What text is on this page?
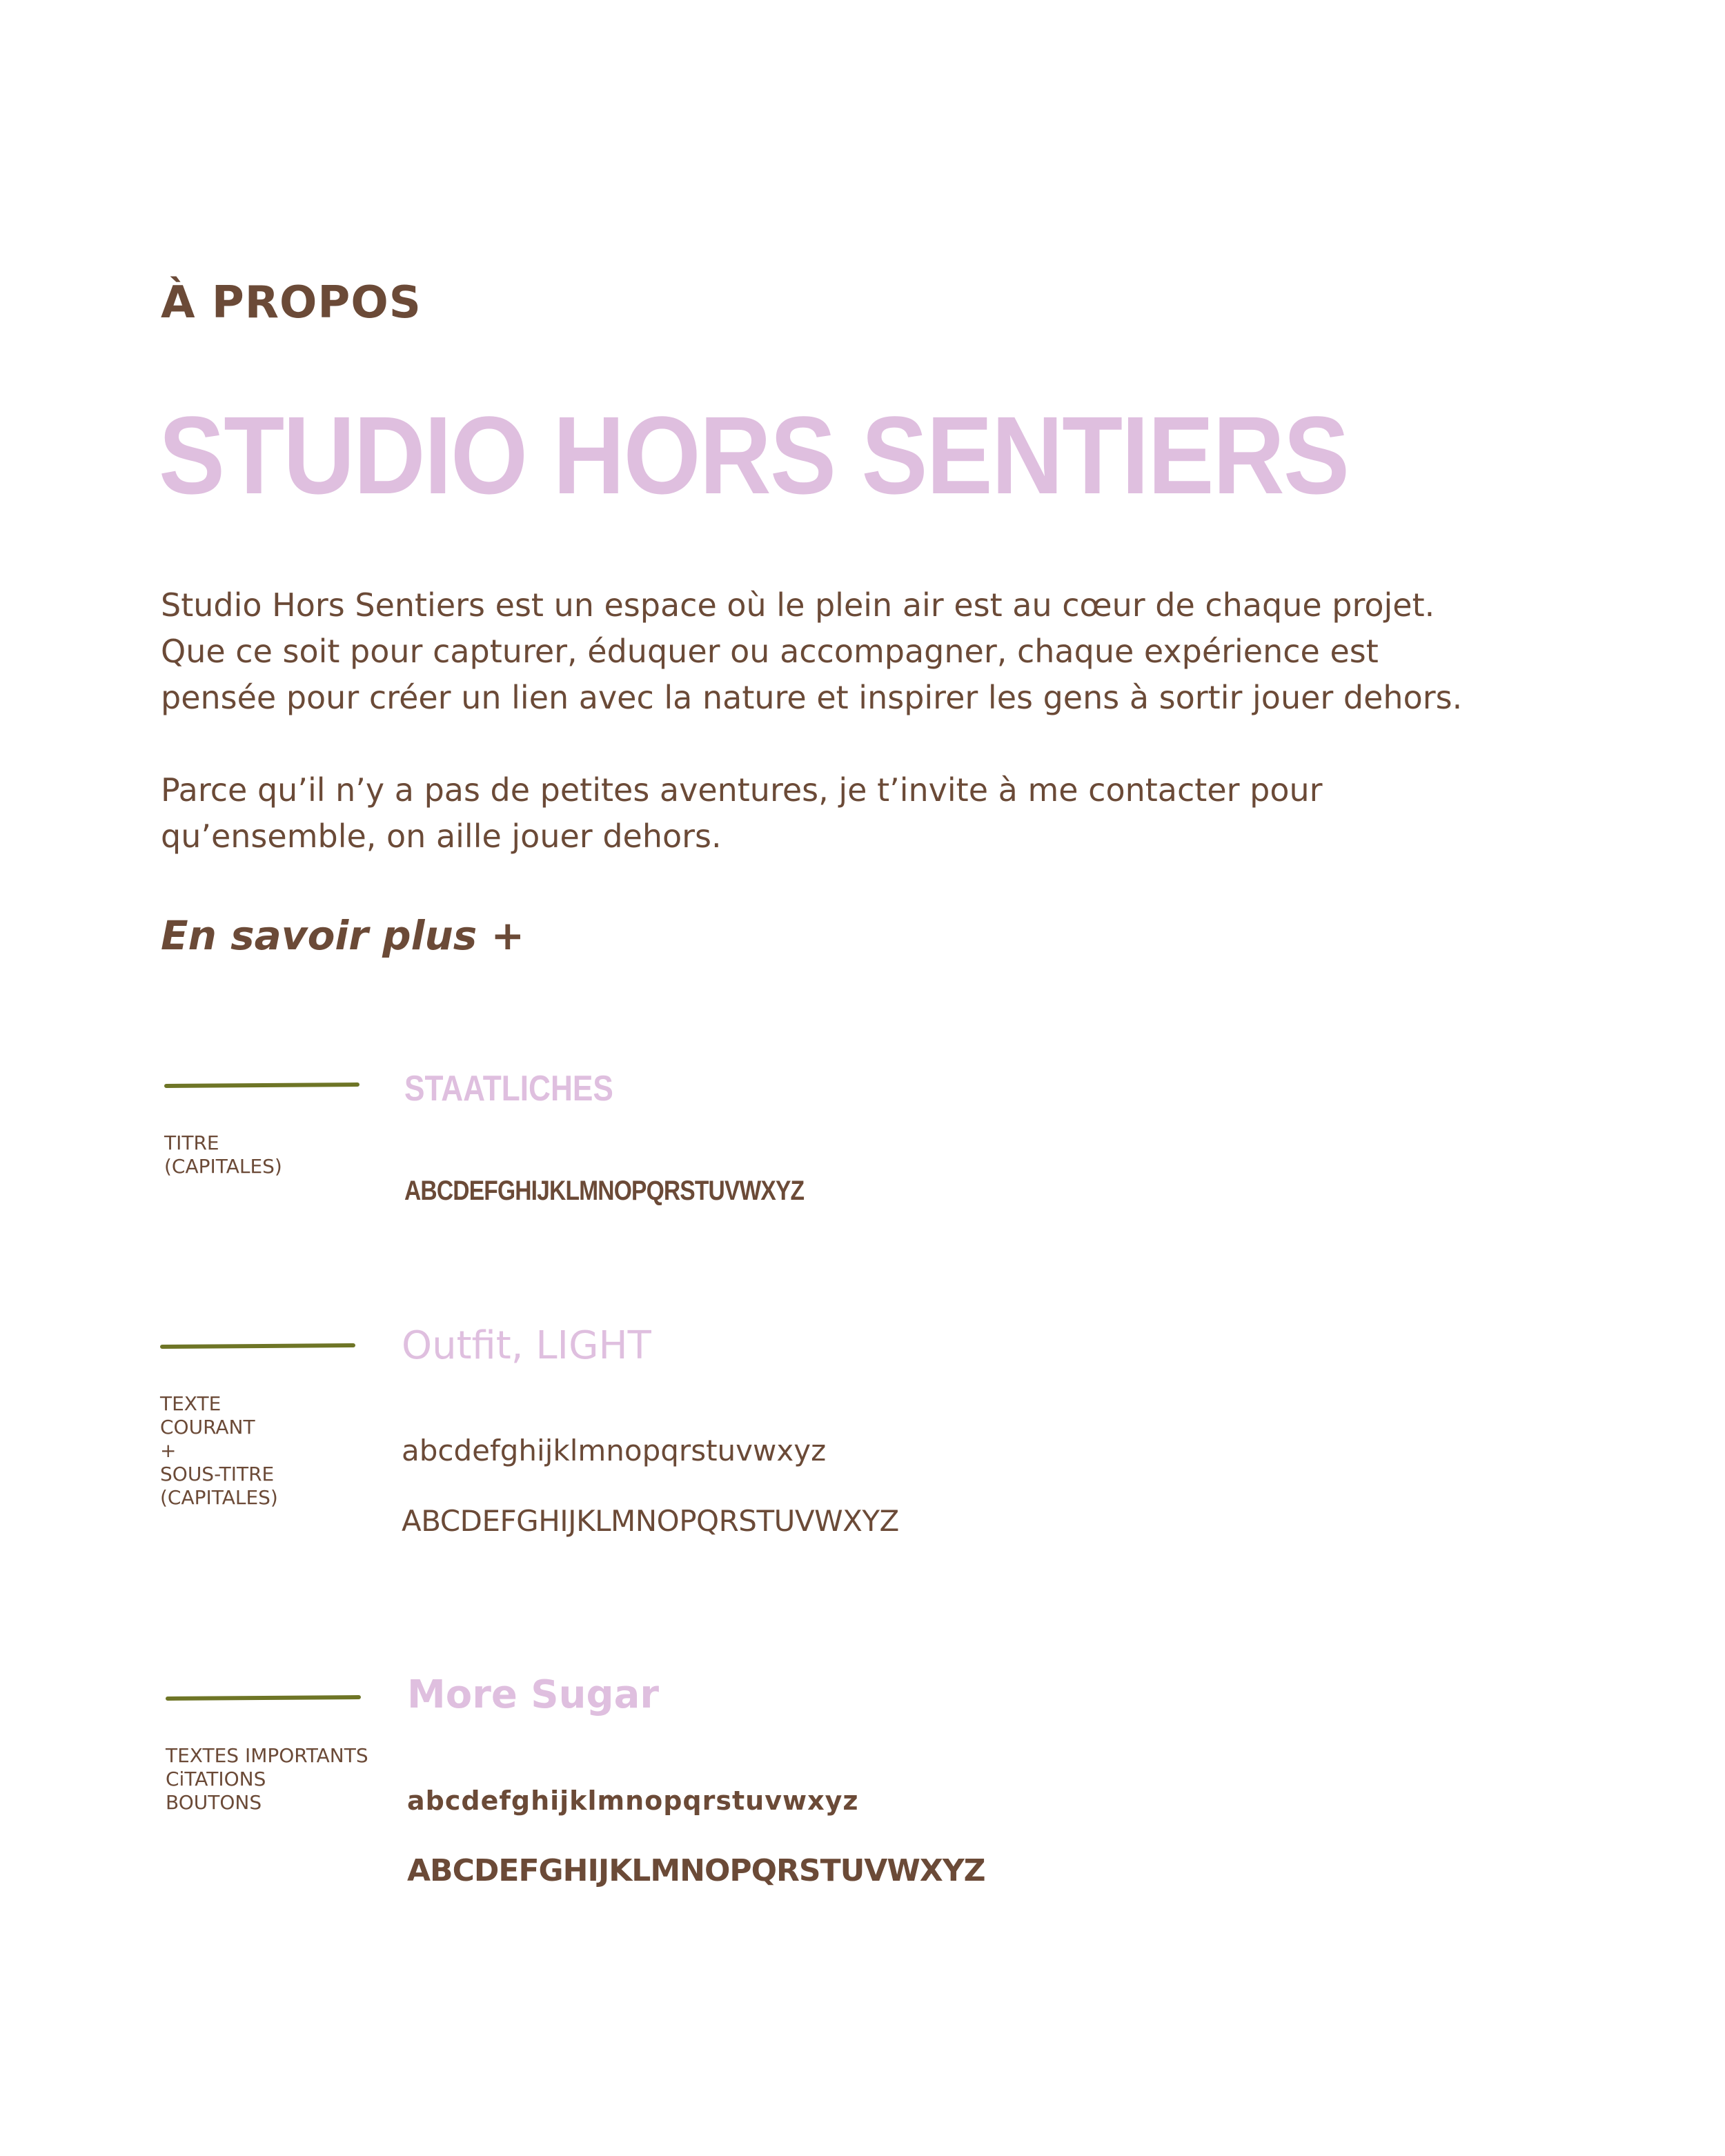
À PROPOS
STUDIO HORS SENTIERS
Studio Hors Sentiers est un espace où le plein air est au cœur de chaque projet.
Que ce soit pour capturer, éduquer ou accompagner, chaque expérience est
pensée pour créer un lien avec la nature et inspirer les gens à sortir jouer dehors.
Parce qu’il n’y a pas de petites aventures, je t’invite à me contacter pour
qu’ensemble, on aille jouer dehors.
En savoir plus +
TITRE
(CAPITALES)
STAATLICHES
ABCDEFGHIJKLMNOPQRSTUVWXYZ
TEXTE
COURANT
+
SOUS-TITRE
(CAPITALES)
Outfit, LIGHT
abcdefghijklmnopqrstuvwxyz
ABCDEFGHIJKLMNOPQRSTUVWXYZ
TEXTES IMPORTANTS
CiTATIONS
BOUTONS
More Sugar
abcdefghijklmnopqrstuvwxyz
ABCDEFGHIJKLMNOPQRSTUVWXYZ
